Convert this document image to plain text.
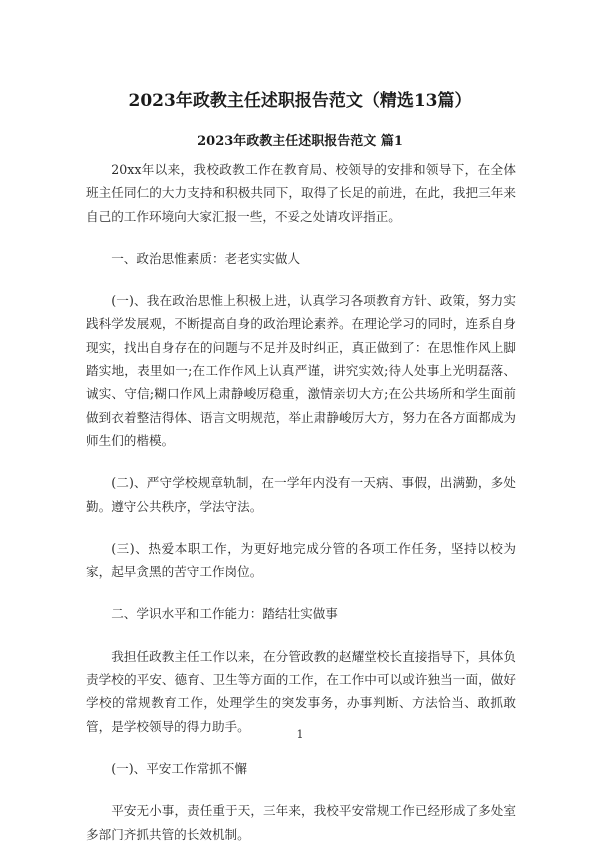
2023年政教主任述职报告范文（精选13篇）
2023年政教主任述职报告范文 篇1

20xx年以来，我校政教工作在教育局、校领导的安排和领导下，在全体班主任同仁的大力支持和积极共同下，取得了长足的前进，在此，我把三年来自己的工作环境向大家汇报一些，不妥之处请攻评指正。

一、政治思惟素质：老老实实做人

(一)、我在政治思惟上积极上进，认真学习各项教育方针、政策，努力实践科学发展观，不断提高自身的政治理论素养。在理论学习的同时，连系自身现实，找出自身存在的问题与不足并及时纠正，真正做到了：在思惟作风上脚踏实地，表里如一;在工作作风上认真严谨，讲究实效;待人处事上光明磊落、诚实、守信;糊口作风上肃静峻厉稳重，激情亲切大方;在公共场所和学生面前做到衣着整洁得体、语言文明规范，举止肃静峻厉大方，努力在各方面都成为师生们的楷模。

(二)、严守学校规章轨制，在一学年内没有一天病、事假，出满勤，多处勤。遵守公共秩序，学法守法。

(三)、热爱本职工作，为更好地完成分管的各项工作任务，坚持以校为家，起早贪黑的苦守工作岗位。

二、学识水平和工作能力：踏结壮实做事

我担任政教主任工作以来，在分管政教的赵耀堂校长直接指导下，具体负责学校的平安、德育、卫生等方面的工作，在工作中可以或许独当一面，做好学校的常规教育工作，处理学生的突发事务，办事判断、方法恰当、敢抓敢管，是学校领导的得力助手。

(一)、平安工作常抓不懈

平安无小事，责任重于天，三年来，我校平安常规工作已经形成了多处室多部门齐抓共管的长效机制。

1
